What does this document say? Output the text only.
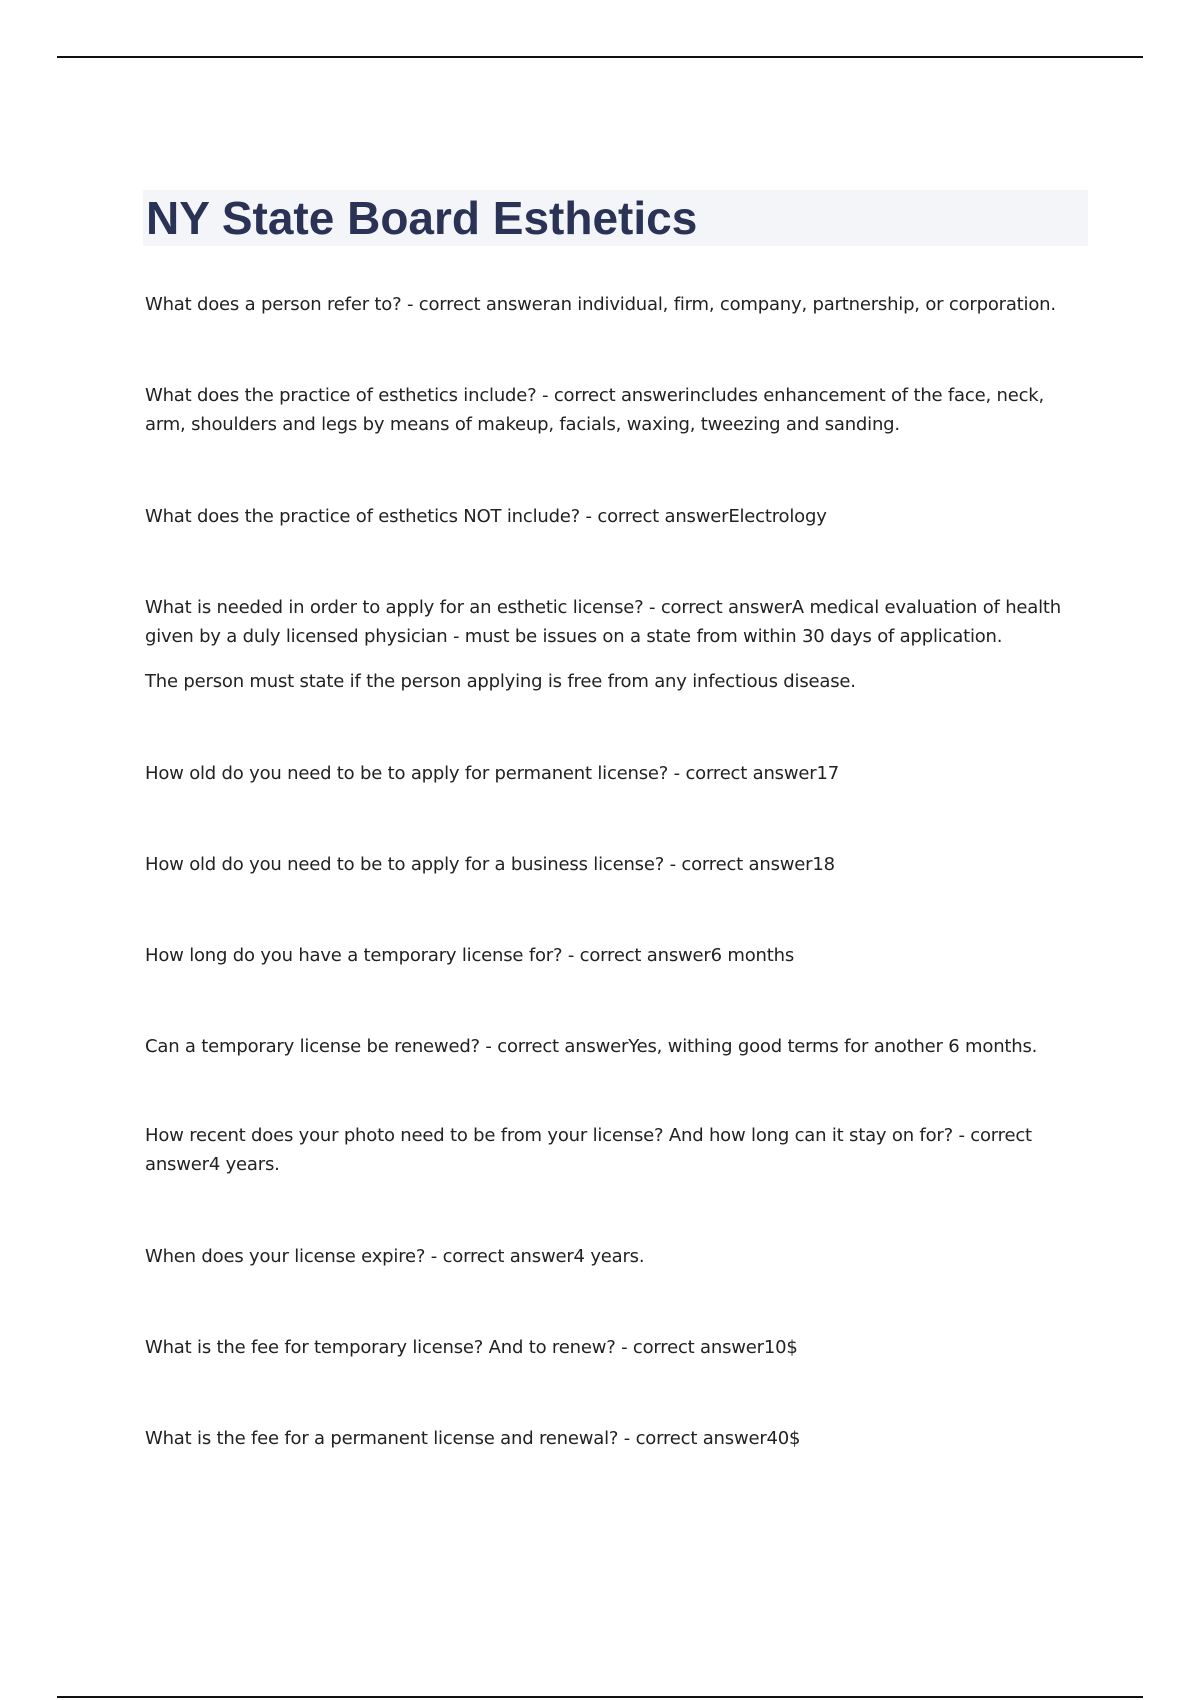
NY State Board Esthetics

What does a person refer to? - correct answeran individual, firm, company, partnership, or corporation.

What does the practice of esthetics include? - correct answerincludes enhancement of the face, neck, arm, shoulders and legs by means of makeup, facials, waxing, tweezing and sanding.

What does the practice of esthetics NOT include? - correct answerElectrology

What is needed in order to apply for an esthetic license? - correct answerA medical evaluation of health given by a duly licensed physician - must be issues on a state from within 30 days of application.

The person must state if the person applying is free from any infectious disease.

How old do you need to be to apply for permanent license? - correct answer17

How old do you need to be to apply for a business license? - correct answer18

How long do you have a temporary license for? - correct answer6 months

Can a temporary license be renewed? - correct answerYes, withing good terms for another 6 months.

How recent does your photo need to be from your license? And how long can it stay on for? - correct answer4 years.

When does your license expire? - correct answer4 years.

What is the fee for temporary license? And to renew? - correct answer10$

What is the fee for a permanent license and renewal? - correct answer40$
